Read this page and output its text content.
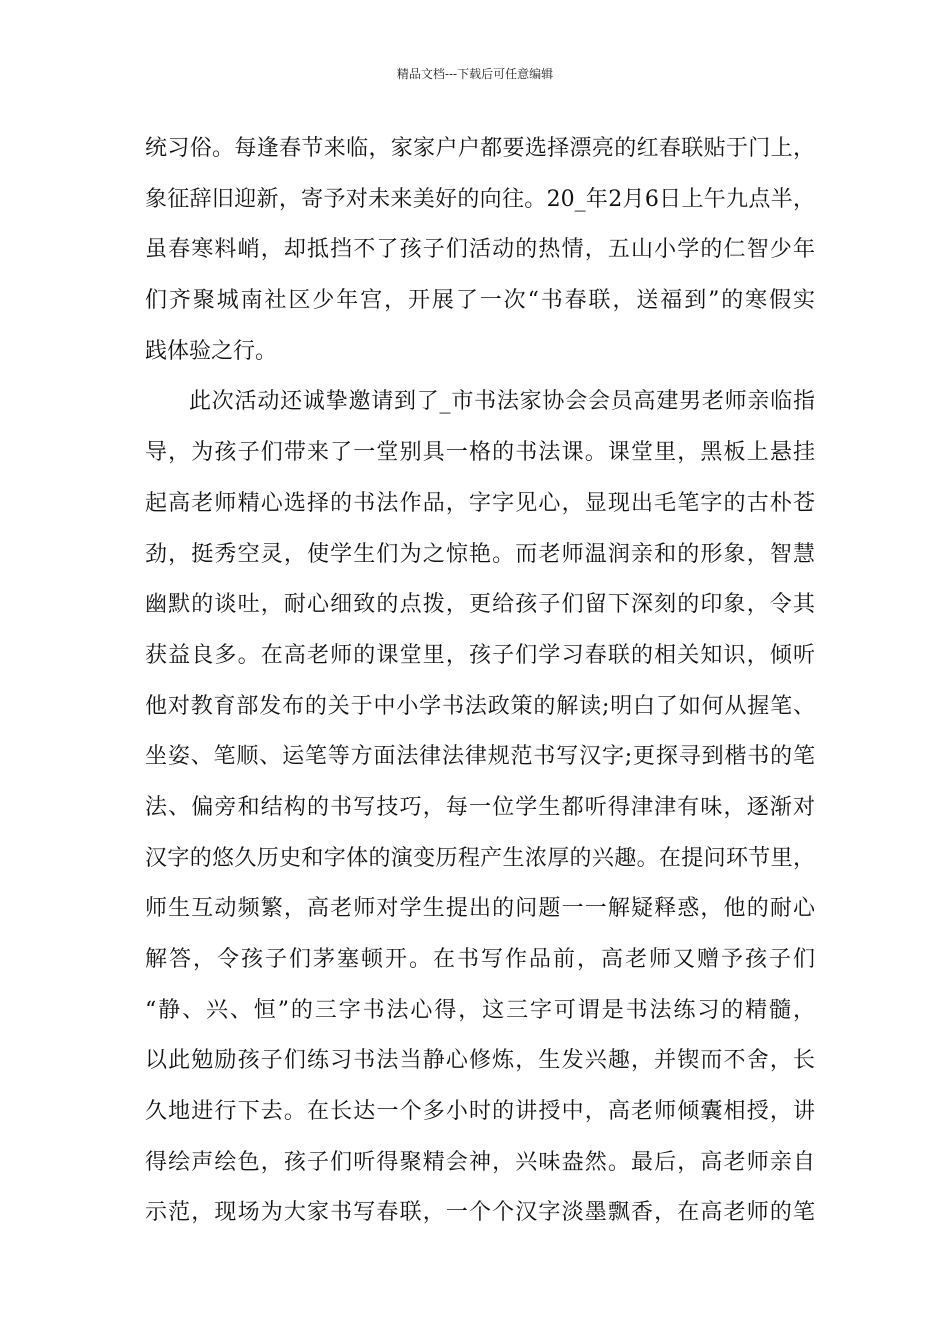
精品文档---下载后可任意编辑
统习俗。每逢春节来临，家家户户都要选择漂亮的红春联贴于门上，
象征辞旧迎新，寄予对未来美好的向往。20_年2月6日上午九点半，
虽春寒料峭，却抵挡不了孩子们活动的热情，五山小学的仁智少年
们齐聚城南社区少年宫，开展了一次“书春联，送福到”的寒假实
践体验之行。
此次活动还诚挚邀请到了_市书法家协会会员高建男老师亲临指
导，为孩子们带来了一堂别具一格的书法课。课堂里，黑板上悬挂
起高老师精心选择的书法作品，字字见心，显现出毛笔字的古朴苍
劲，挺秀空灵，使学生们为之惊艳。而老师温润亲和的形象，智慧
幽默的谈吐，耐心细致的点拨，更给孩子们留下深刻的印象，令其
获益良多。在高老师的课堂里，孩子们学习春联的相关知识，倾听
他对教育部发布的关于中小学书法政策的解读;明白了如何从握笔、
坐姿、笔顺、运笔等方面法律法律规范书写汉字;更探寻到楷书的笔
法、偏旁和结构的书写技巧，每一位学生都听得津津有味，逐渐对
汉字的悠久历史和字体的演变历程产生浓厚的兴趣。在提问环节里，
师生互动频繁，高老师对学生提出的问题一一解疑释惑，他的耐心
解答，令孩子们茅塞顿开。在书写作品前，高老师又赠予孩子们
“静、兴、恒”的三字书法心得，这三字可谓是书法练习的精髓，
以此勉励孩子们练习书法当静心修炼，生发兴趣，并锲而不舍，长
久地进行下去。在长达一个多小时的讲授中，高老师倾囊相授，讲
得绘声绘色，孩子们听得聚精会神，兴味盎然。最后，高老师亲自
示范，现场为大家书写春联，一个个汉字淡墨飘香，在高老师的笔
